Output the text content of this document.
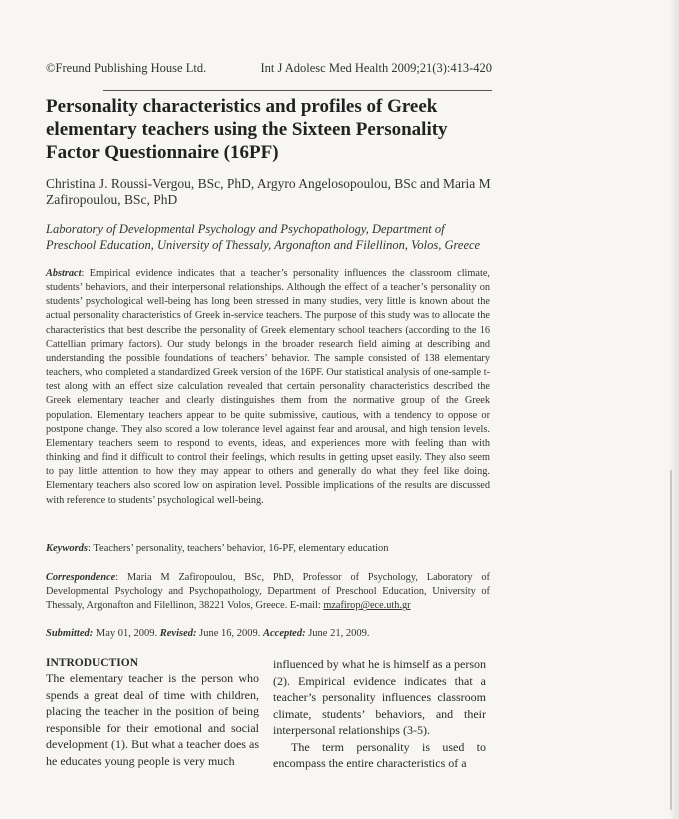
©Freund Publishing House Ltd.	Int J Adolesc Med Health 2009;21(3):413-420
Personality characteristics and profiles of Greek elementary teachers using the Sixteen Personality Factor Questionnaire (16PF)
Christina J. Roussi-Vergou, BSc, PhD, Argyro Angelosopoulou, BSc and Maria M Zafiropoulou, BSc, PhD
Laboratory of Developmental Psychology and Psychopathology, Department of Preschool Education, University of Thessaly, Argonafton and Filellinon, Volos, Greece
Abstract: Empirical evidence indicates that a teacher’s personality influences the classroom climate, students’ behaviors, and their interpersonal relationships. Although the effect of a teacher’s personality on students’ psychological well-being has long been stressed in many studies, very little is known about the actual personality characteristics of Greek in-service teachers. The purpose of this study was to allocate the characteristics that best describe the personality of Greek elementary school teachers (according to the 16 Cattellian primary factors). Our study belongs in the broader research field aiming at describing and understanding the possible foundations of teachers’ behavior. The sample consisted of 138 elementary teachers, who completed a standardized Greek version of the 16PF. Our statistical analysis of one-sample t-test along with an effect size calculation revealed that certain personality characteristics described the Greek elementary teacher and clearly distinguishes them from the normative group of the Greek population. Elementary teachers appear to be quite submissive, cautious, with a tendency to oppose or postpone change. They also scored a low tolerance level against fear and arousal, and high tension levels. Elementary teachers seem to respond to events, ideas, and experiences more with feeling than with thinking and find it difficult to control their feelings, which results in getting upset easily. They also seem to pay little attention to how they may appear to others and generally do what they feel like doing. Elementary teachers also scored low on aspiration level. Possible implications of the results are discussed with reference to students’ psychological well-being.
Keywords: Teachers’ personality, teachers’ behavior, 16-PF, elementary education
Correspondence: Maria M Zafiropoulou, BSc, PhD, Professor of Psychology, Laboratory of Developmental Psychology and Psychopathology, Department of Preschool Education, University of Thessaly, Argonafton and Filellinon, 38221 Volos, Greece. E-mail: mzafirop@ece.uth.gr
Submitted: May 01, 2009. Revised: June 16, 2009. Accepted: June 21, 2009.
INTRODUCTION

The elementary teacher is the person who spends a great deal of time with children, placing the teacher in the position of being responsible for their emotional and social development (1). But what a teacher does as he educates young people is very much

influenced by what he is himself as a person (2). Empirical evidence indicates that a teacher’s personality influences classroom climate, students’ behaviors, and their interpersonal relationships (3-5).

The term personality is used to encompass the entire characteristics of a
